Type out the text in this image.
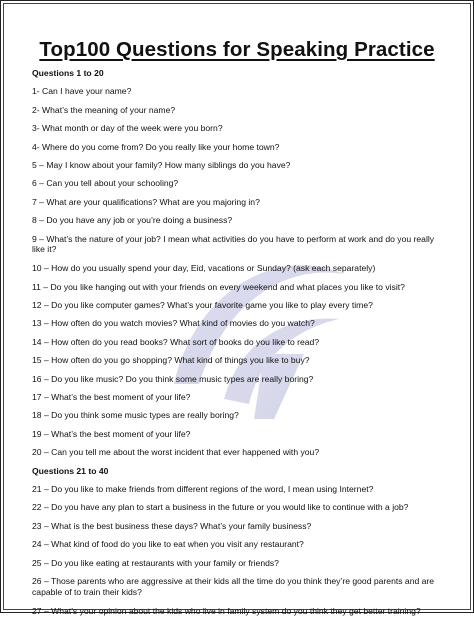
Top100 Questions for Speaking Practice
Questions 1 to 20
1- Can I have your name?
2- What’s the meaning of your name?
3- What month or day of the week were you born?
4- Where do you come from? Do you really like your home town?
5 – May I know about your family? How many siblings do you have?
6 – Can you tell about your schooling?
7 – What are your qualifications? What are you majoring in?
8 – Do you have any job or you’re doing a business?
9 – What’s the nature of your job? I mean what activities do you have to perform at work and do you really like it?
10 – How do you usually spend your day, Eid, vacations or Sunday? (ask each separately)
11 – Do you like hanging out with your friends on every weekend and what places you like to visit?
12 – Do you like computer games? What’s your favorite game you like to play every time?
13 – How often do you watch movies? What kind of movies do you watch?
14 – How often do you read books? What sort of books do you like to read?
15 – How often do you go shopping? What kind of things you like to buy?
16 – Do you like music? Do you think some music types are really boring?
17 – What’s the best moment of your life?
18 – Do you think some music types are really boring?
19 – What’s the best moment of your life?
20 – Can you tell me about the worst incident that ever happened with you?
Questions 21 to 40
21 – Do you like to make friends from different regions of the word, I mean using Internet?
22 – Do you have any plan to start a business in the future or you would like to continue with a job?
23 – What is the best business these days? What’s your family business?
24 – What kind of food do you like to eat when you visit any restaurant?
25 – Do you like eating at restaurants with your family or friends?
26 – Those parents who are aggressive at their kids all the time do you think they’re good parents and are capable of to train their kids?
27 – What’s your opinion about the kids who live in family system do you think they get better training?
